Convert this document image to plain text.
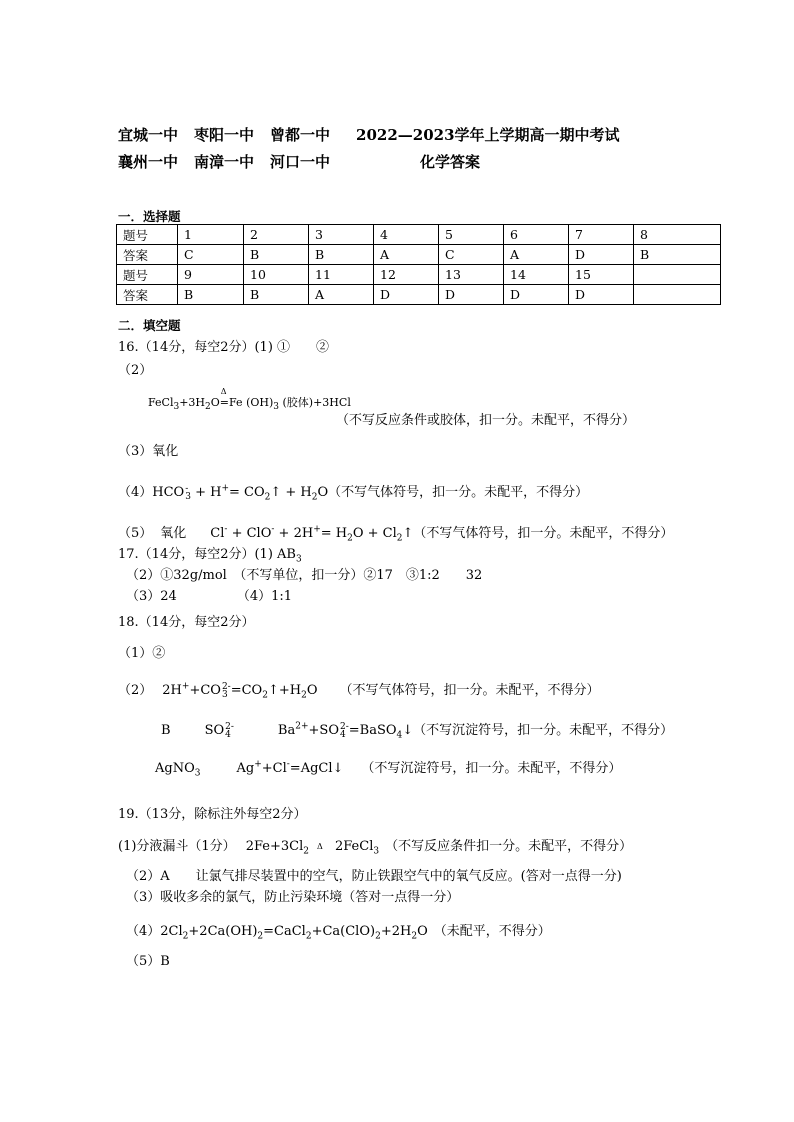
宜城一中 枣阳一中 曾都一中 2022—2023学年上学期高一期中考试
襄州一中 南漳一中 河口一中	化学答案
一．选择题
题号	1	2	3	4	5	6	7	8
答案	C	B	B	A	C	A	D	B
题号	9	10	11	12	13	14	15	
答案	B	B	A	D	D	D	D	
二．填空题
16.（14分，每空2分）(1) ①　　②
（2）
$FeCl_3+3H_2O$
Δ
=Fe $(OH)_3$ (胶体)+3HCl
（不写反应条件或胶体，扣一分。未配平，不得分）
（3）氧化
（4）HCO -
$3 + H^+= CO_2↑ + H_2O$（不写气体符号，扣一分。未配平，不得分）
（5） 氧化 $Cl^- + ClO^- + 2H^+= H_2O$ + $Cl_2↑$（不写气体符号，扣一分。未配平，不得分）
17.（14分，每空2分）(1) $AB_3$
（2）①32g/mol　（不写单位，扣一分）②17　③1:2　　32
（3）24	（4）1:1
18.（14分，每空2分）
（1）②
（2） 2H++CO 2-
$3 =CO_2↑+H_2O$ （不写气体符号，扣一分。未配平，不得分）
B	SO 2-
4	$Ba^{2+}+SO$ 2-
4 =BaSO$_4$↓（不写沉淀符号，扣一分。未配平，不得分）
AgNO$_3$	Ag++Cl-=AgCl↓ （不写沉淀符号，扣一分。未配平，不得分）
19.（13分，除标注外每空2分）
(1)分液漏斗（1分） $2Fe+3Cl_2$
Δ 2FeCl$_3$ （不写反应条件扣一分。未配平，不得分）
（2）A　　让氯气排尽装置中的空气，防止铁跟空气中的氧气反应。(答对一点得一分)
（3）吸收多余的氯气，防止污染环境（答对一点得一分）
$(4)2Cl_2+2Ca(OH)_2=CaCl_2+Ca(ClO)_2+2H_2O$ （未配平，不得分）
（5）B
